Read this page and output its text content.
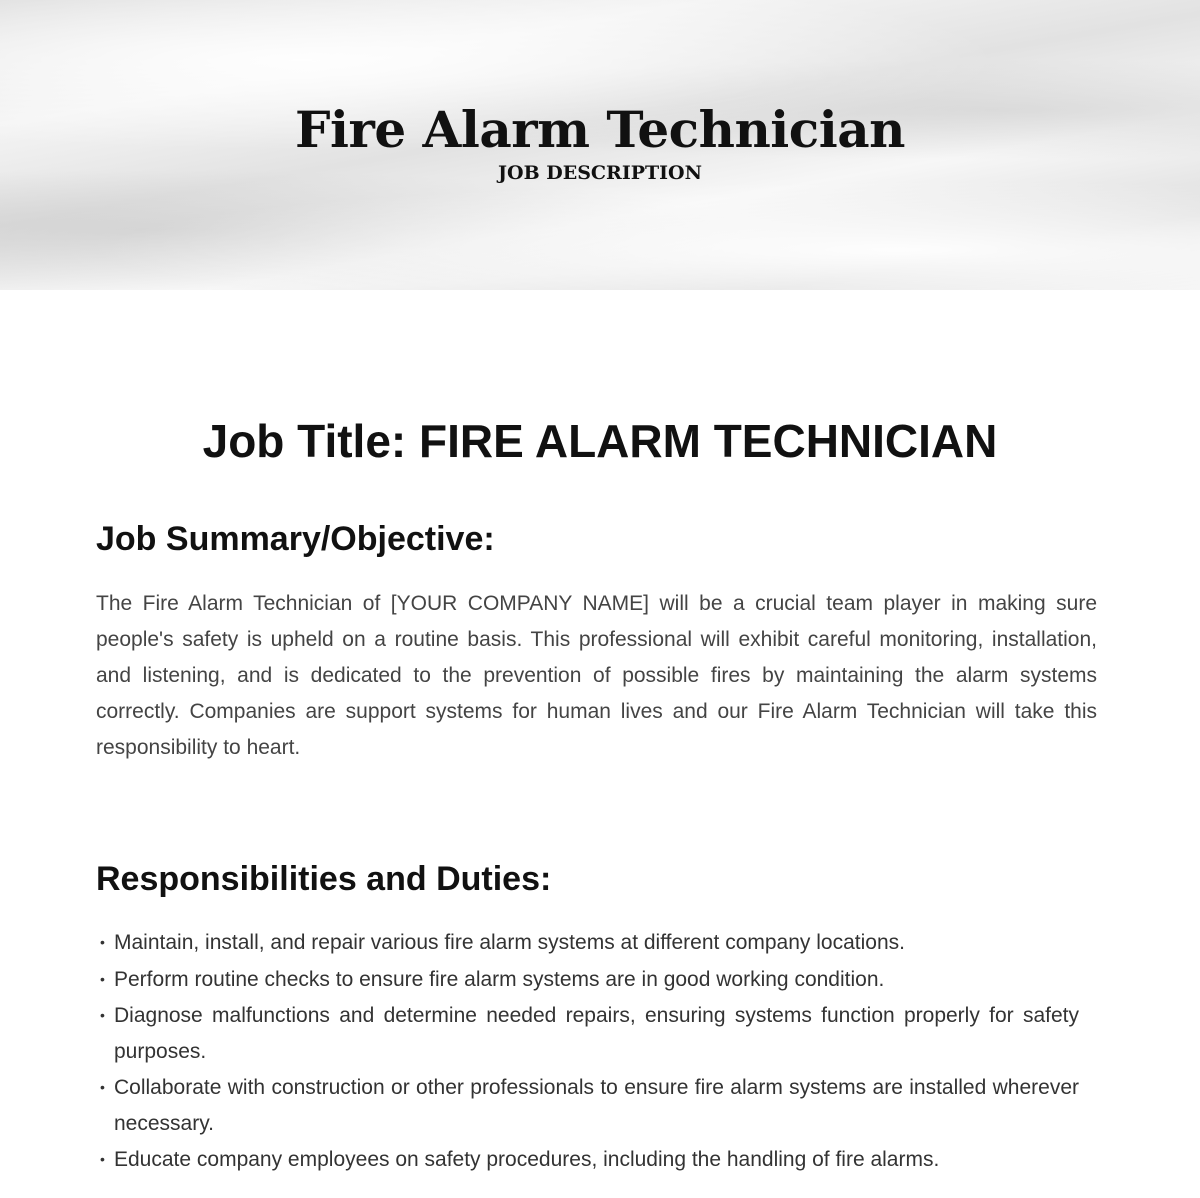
Fire Alarm Technician
JOB DESCRIPTION
Job Title: FIRE ALARM TECHNICIAN
Job Summary/Objective:

The Fire Alarm Technician of [YOUR COMPANY NAME] will be a crucial team player in making sure people's safety is upheld on a routine basis. This professional will exhibit careful monitoring, installation, and listening, and is dedicated to the prevention of possible fires by maintaining the alarm systems correctly. Companies are support systems for human lives and our Fire Alarm Technician will take this responsibility to heart.

Responsibilities and Duties:
• Maintain, install, and repair various fire alarm systems at different company locations.
• Perform routine checks to ensure fire alarm systems are in good working condition.
• Diagnose malfunctions and determine needed repairs, ensuring systems function properly for safety purposes.
• Collaborate with construction or other professionals to ensure fire alarm systems are installed wherever necessary.
• Educate company employees on safety procedures, including the handling of fire alarms.
